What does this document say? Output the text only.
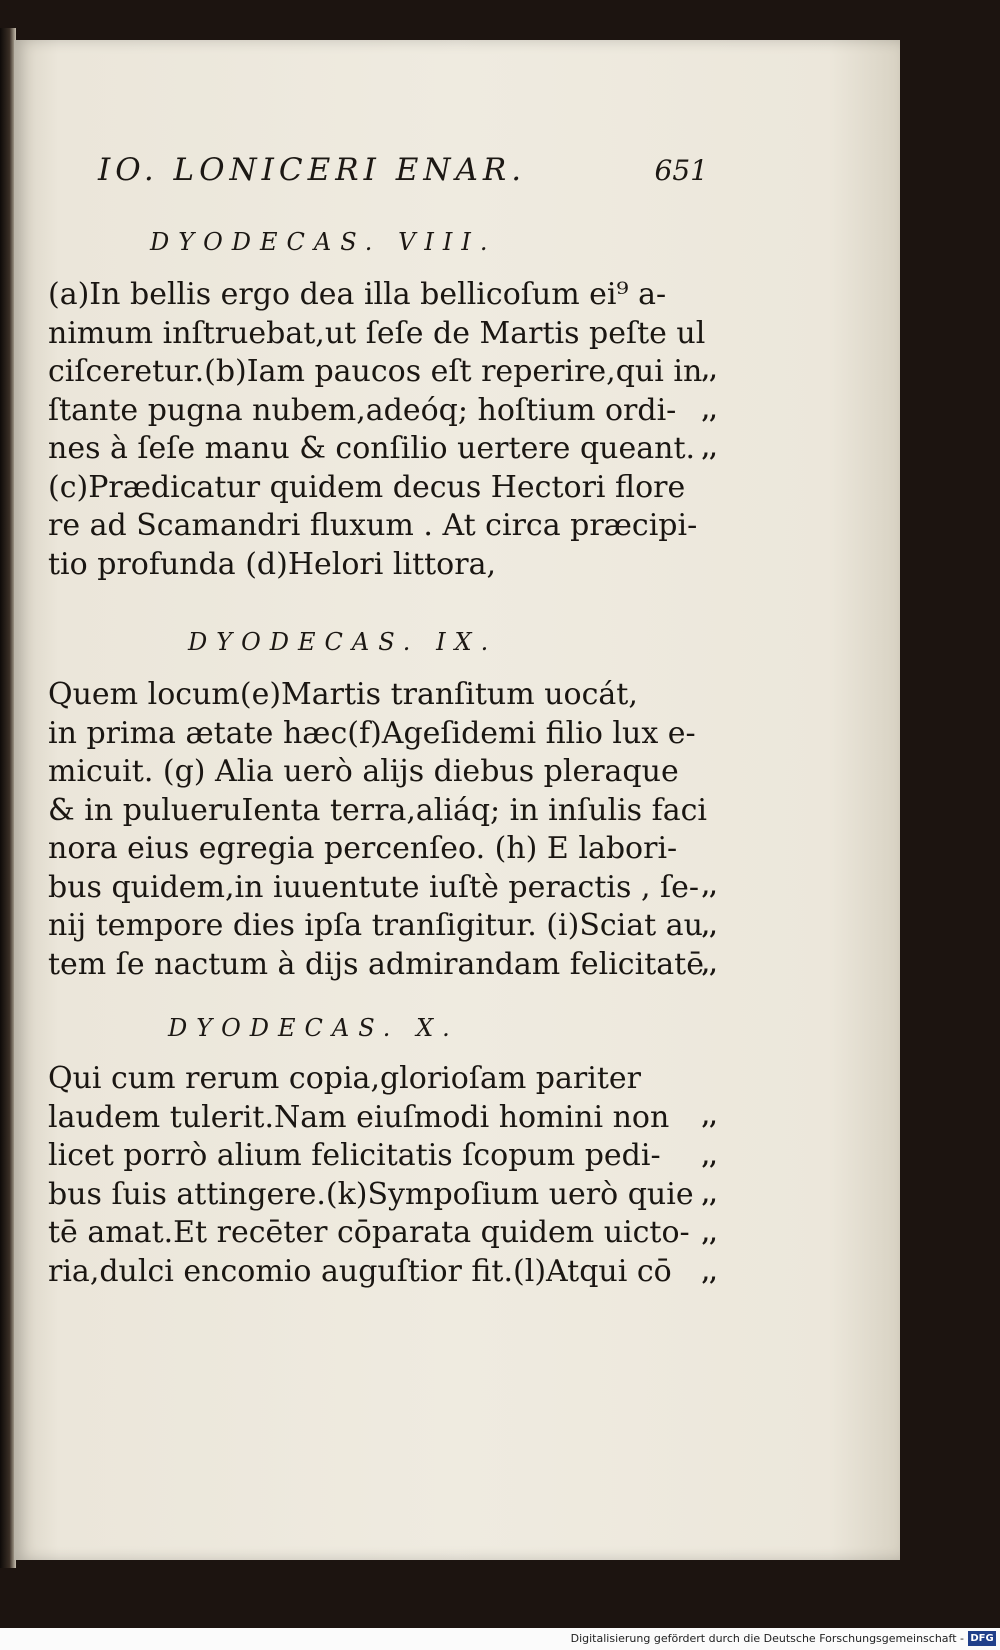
IO. LONICERI ENAR.	651
DYODECAS. VIII.
(a)In bellis ergo dea illa bellicoſum ei⁹ a-
nimum inſtruebat,ut ſeſe de Martis peſte ul
ciſceretur.(b)Iam paucos eſt reperire,qui in
ſtante pugna nubem,adeóq; hoſtium ordi-
nes à ſeſe manu & conſilio uertere queant.
(c)Prædicatur quidem decus Hectori flore
re ad Scamandri fluxum . At circa præcipi-
tio profunda (d)Helori littora,
,,
,,
,,
DYODECAS. IX.
Quem locum(e)Martis tranſitum uocát,
in prima ætate hæc(f)Ageſidemi filio lux e-
micuit. (g) Alia uerò alijs diebus pleraque
& in pulueruIenta terra,aliáq; in inſulis faci
nora eius egregia percenſeo. (h) E labori-
bus quidem,in iuuentute iuſtè peractis , ſe-
nij tempore dies ipſa tranſigitur. (i)Sciat au
tem ſe nactum à dijs admirandam felicitatē
,,
,,
,,
DYODECAS. X.
Qui cum rerum copia,glorioſam pariter
laudem tulerit.Nam eiuſmodi homini non
licet porrò alium felicitatis ſcopum pedi-
bus ſuis attingere.(k)Sympoſium uerò quie
tē amat.Et recēter cōparata quidem uicto-
ria,dulci encomio auguſtior fit.(l)Atqui cō
,,
,,
,,
,,
,,
Digitalisierung gefördert durch die Deutsche Forschungsgemeinschaft - DFG
